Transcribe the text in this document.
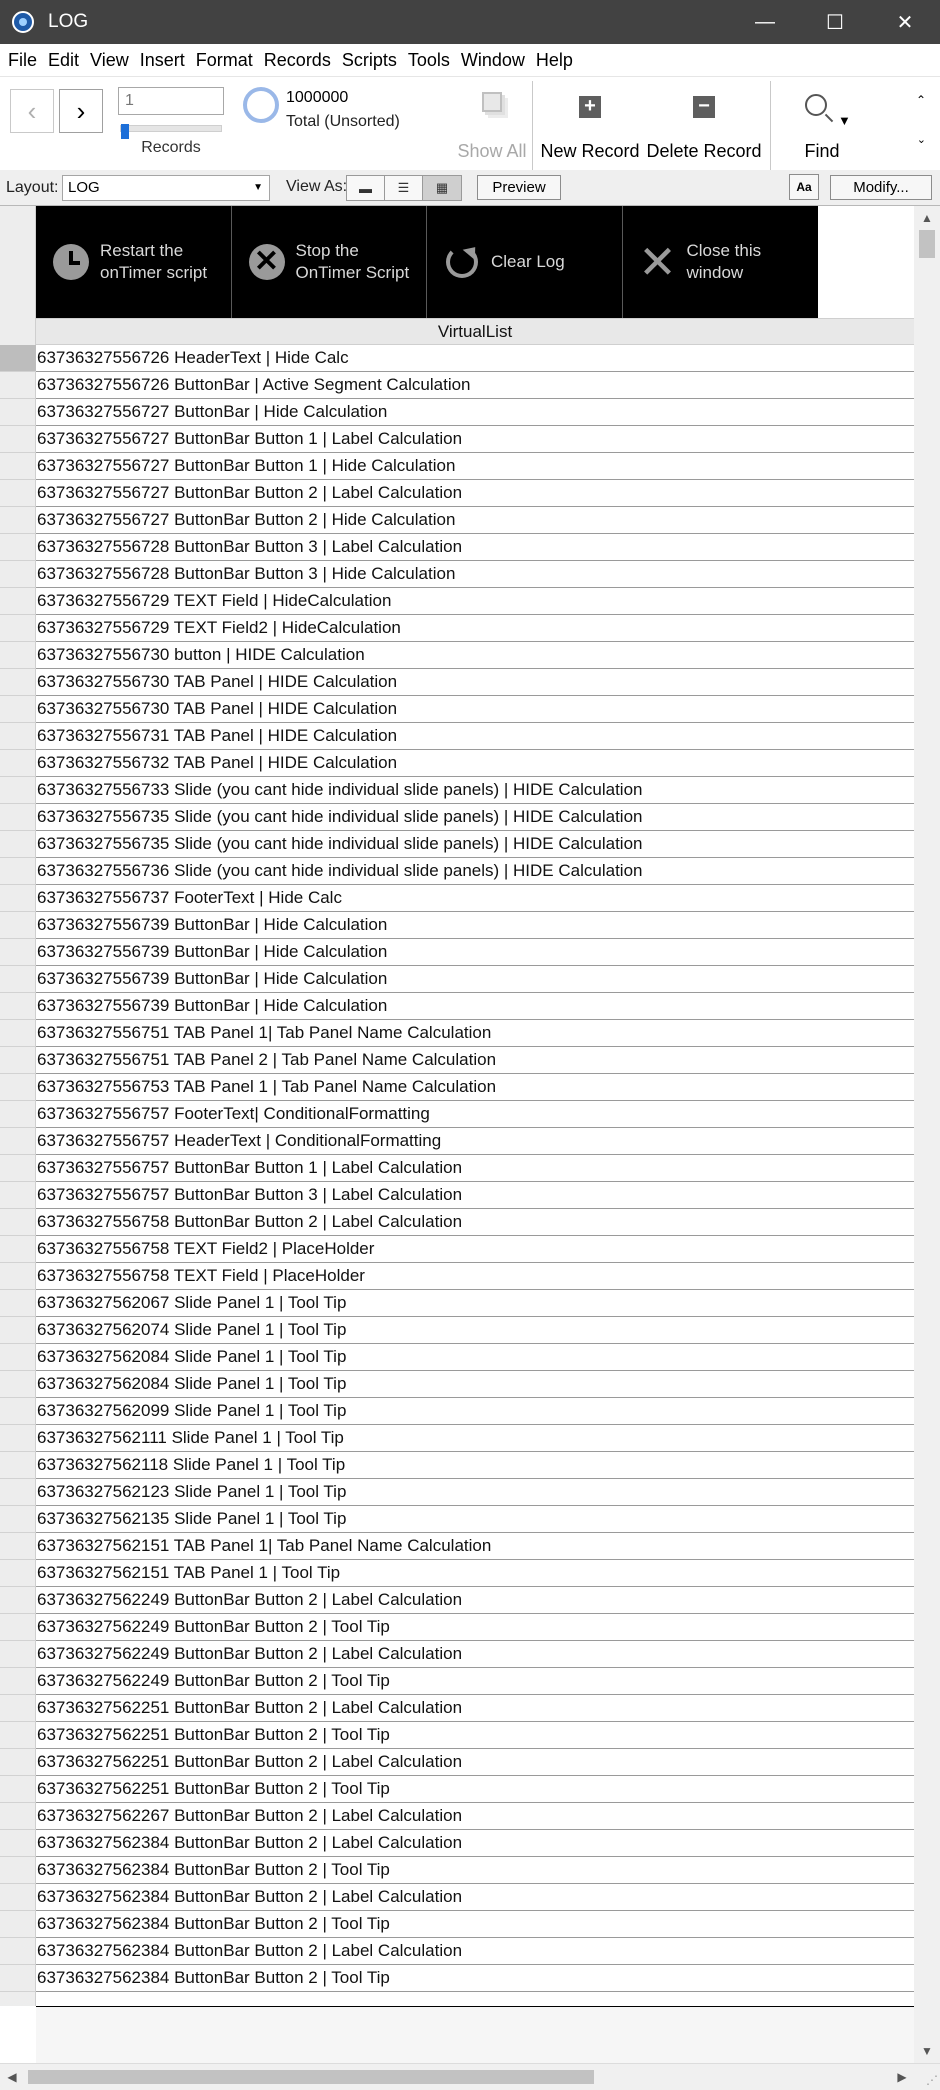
LOG	—	☐	✕
File Edit View Insert Format Records Scripts Tools Window Help
‹	›
1
Records
1000000
Total (Unsorted)
Show All
+
New Record
−
Delete Record Find
▼
⌃
⌄
Layout: LOG	▼ View As: ▬	☰	▦	Preview	Aa	Modify...
Restart the onTimer script	✕ Stop the OnTimer Script
Clear Log ✕ Close this window
VirtualList
63736327556726 HeaderText | Hide Calc
63736327556726 ButtonBar | Active Segment Calculation
63736327556727 ButtonBar | Hide Calculation
63736327556727 ButtonBar Button 1 | Label Calculation
63736327556727 ButtonBar Button 1 | Hide Calculation
63736327556727 ButtonBar Button 2 | Label Calculation
63736327556727 ButtonBar Button 2 | Hide Calculation
63736327556728 ButtonBar Button 3 | Label Calculation
63736327556728 ButtonBar Button 3 | Hide Calculation
63736327556729 TEXT Field | HideCalculation
63736327556729 TEXT Field2 | HideCalculation
63736327556730 button | HIDE Calculation
63736327556730 TAB Panel | HIDE Calculation
63736327556730 TAB Panel | HIDE Calculation
63736327556731 TAB Panel | HIDE Calculation
63736327556732 TAB Panel | HIDE Calculation
63736327556733 Slide (you cant hide individual slide panels) | HIDE Calculation
63736327556735 Slide (you cant hide individual slide panels) | HIDE Calculation
63736327556735 Slide (you cant hide individual slide panels) | HIDE Calculation
63736327556736 Slide (you cant hide individual slide panels) | HIDE Calculation
63736327556737 FooterText | Hide Calc
63736327556739 ButtonBar | Hide Calculation
63736327556739 ButtonBar | Hide Calculation
63736327556739 ButtonBar | Hide Calculation
63736327556739 ButtonBar | Hide Calculation
63736327556751 TAB Panel 1| Tab Panel Name Calculation
63736327556751 TAB Panel 2 | Tab Panel Name Calculation
63736327556753 TAB Panel 1 | Tab Panel Name Calculation
63736327556757 FooterText| ConditionalFormatting
63736327556757 HeaderText | ConditionalFormatting
63736327556757 ButtonBar Button 1 | Label Calculation
63736327556757 ButtonBar Button 3 | Label Calculation
63736327556758 ButtonBar Button 2 | Label Calculation
63736327556758 TEXT Field2 | PlaceHolder
63736327556758 TEXT Field | PlaceHolder
63736327562067 Slide Panel 1 | Tool Tip
63736327562074 Slide Panel 1 | Tool Tip
63736327562084 Slide Panel 1 | Tool Tip
63736327562084 Slide Panel 1 | Tool Tip
63736327562099 Slide Panel 1 | Tool Tip
63736327562111 Slide Panel 1 | Tool Tip
63736327562118 Slide Panel 1 | Tool Tip
63736327562123 Slide Panel 1 | Tool Tip
63736327562135 Slide Panel 1 | Tool Tip
63736327562151 TAB Panel 1| Tab Panel Name Calculation
63736327562151 TAB Panel 1 | Tool Tip
63736327562249 ButtonBar Button 2 | Label Calculation
63736327562249 ButtonBar Button 2 | Tool Tip
63736327562249 ButtonBar Button 2 | Label Calculation
63736327562249 ButtonBar Button 2 | Tool Tip
63736327562251 ButtonBar Button 2 | Label Calculation
63736327562251 ButtonBar Button 2 | Tool Tip
63736327562251 ButtonBar Button 2 | Label Calculation
63736327562251 ButtonBar Button 2 | Tool Tip
63736327562267 ButtonBar Button 2 | Label Calculation
63736327562384 ButtonBar Button 2 | Label Calculation
63736327562384 ButtonBar Button 2 | Tool Tip
63736327562384 ButtonBar Button 2 | Label Calculation
63736327562384 ButtonBar Button 2 | Tool Tip
63736327562384 ButtonBar Button 2 | Label Calculation
63736327562384 ButtonBar Button 2 | Tool Tip
▲
▼
◀	▶	⋰
